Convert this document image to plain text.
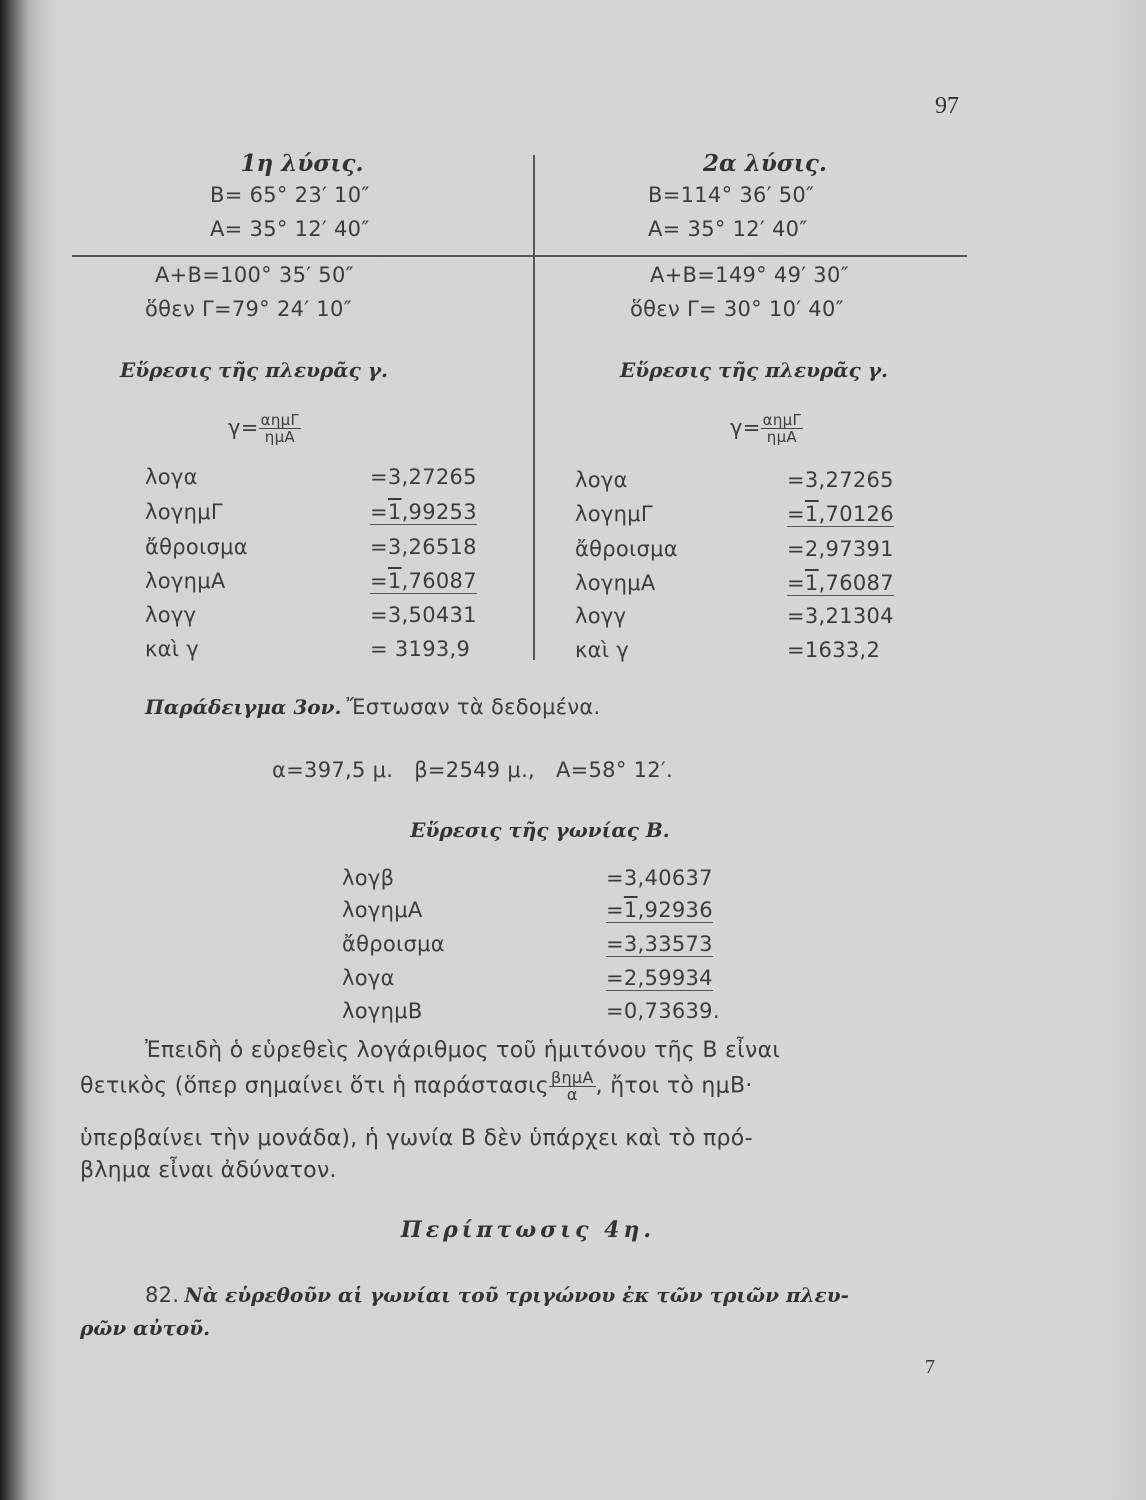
97
1η λύσις.
B= 65° 23′ 10″
A= 35° 12′ 40″
A+B=100° 35′ 50″
ὅθεν Γ=79° 24′ 10″
Εὕρεσις τῆς πλευρᾶς γ.
$\gamma= \frac{\text{αημΓ}}{\text{ημΑ}}$
λογα	=3,27265
λογημΓ	=1,99253
ἄθροισμα	=3,26518
λογημΑ	=1,76087
λογγ	=3,50431
καὶ γ	= 3193,9
2α λύσις.
B=114° 36′ 50″
A= 35° 12′ 40″
A+B=149° 49′ 30″
ὅθεν Γ= 30° 10′ 40″
Εὕρεσις τῆς πλευρᾶς γ.
$\gamma= \frac{\text{αημΓ}}{\text{ημΑ}}$
λογα	=3,27265
λογημΓ	=1,70126
ἄθροισμα	=2,97391
λογημΑ	=1,76087
λογγ	=3,21304
καὶ γ	=1633,2
Παράδειγμα 3ον. Ἔστωσαν τὰ δεδομένα.
α=397,5 μ.   β=2549 μ.,   Α=58° 12′.
Εὕρεσις τῆς γωνίας Β.
λογβ	=3,40637
λογημΑ	=1,92936
ἄθροισμα	=3,33573
λογα	=2,59934
λογημΒ	=0,73639.
Ἐπειδὴ ὁ εὑρεθεὶς λογάριθμος τοῦ ἡμιτόνου τῆς Β εἶναι
θετικὸς (ὅπερ σημαίνει ὅτι ἡ παράστασις $\frac{\text{βημΑ}}{\alpha}$ , ἤτοι τὸ ημΒ·
ὑπερβαίνει τὴν μονάδα), ἡ γωνία Β δὲν ὑπάρχει καὶ τὸ πρό-
βλημα εἶναι ἀδύνατον.
Περίπτωσις 4η.
82. Νὰ εὑρεθοῦν αἱ γωνίαι τοῦ τριγώνου ἐκ τῶν τριῶν πλευ-
ρῶν αὐτοῦ.
7
